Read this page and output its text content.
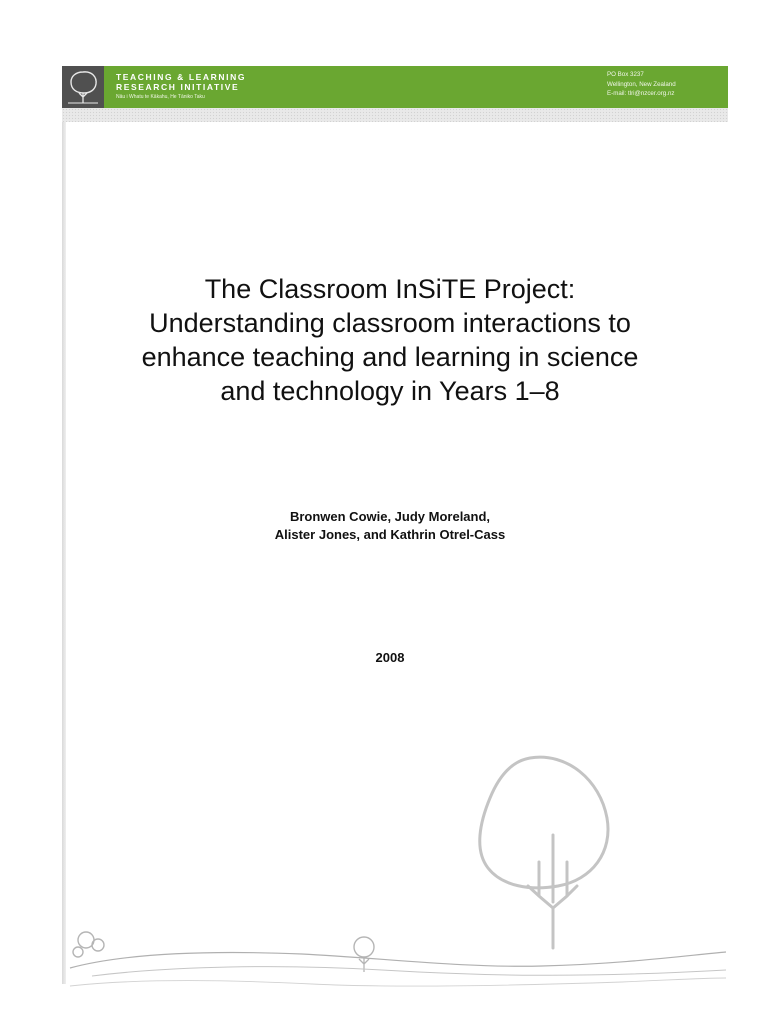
TEACHING & LEARNING
RESEARCH INITIATIVE
Nāu i Whatu te Kākahu, He Tāniko Taku
PO Box 3237
Wellington, New Zealand
E-mail: tlri@nzcer.org.nz
The Classroom InSiTE Project:
Understanding classroom interactions to
enhance teaching and learning in science
and technology in Years 1–8
Bronwen Cowie, Judy Moreland,
Alister Jones, and Kathrin Otrel-Cass
2008
